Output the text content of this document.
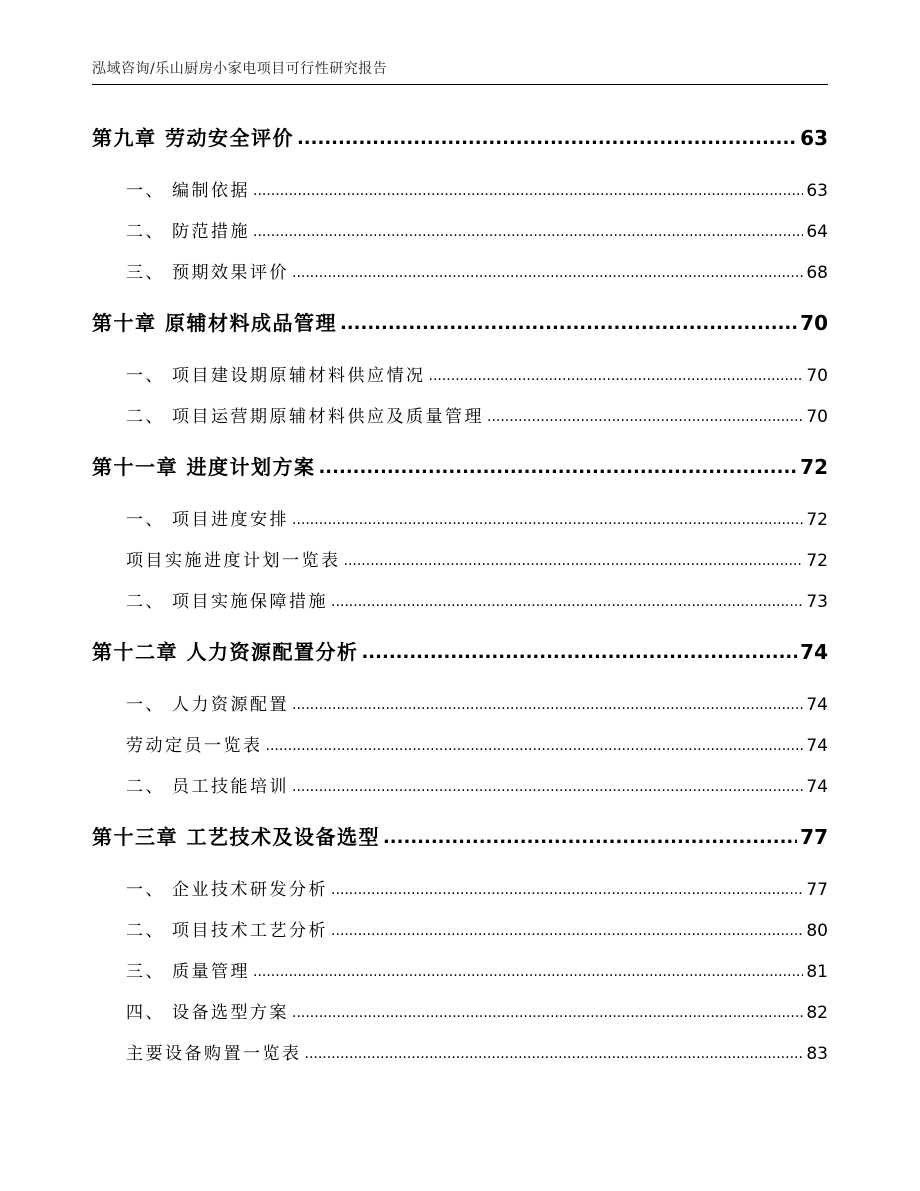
泓域咨询/乐山厨房小家电项目可行性研究报告
第九章 劳动安全评价 .....	63
一、 编制依据 .....	63
二、 防范措施 .....	64
三、 预期效果评价 .....	68
第十章 原辅材料成品管理 .....	70
一、 项目建设期原辅材料供应情况 .....	70
二、 项目运营期原辅材料供应及质量管理 .....	70
第十一章 进度计划方案 .....	72
一、 项目进度安排 .....	72
项目实施进度计划一览表 .....	72
二、 项目实施保障措施 .....	73
第十二章 人力资源配置分析 .....	74
一、 人力资源配置 .....	74
劳动定员一览表 .....	74
二、 员工技能培训 .....	74
第十三章 工艺技术及设备选型 .....	77
一、 企业技术研发分析 .....	77
二、 项目技术工艺分析 .....	80
三、 质量管理 .....	81
四、 设备选型方案 .....	82
主要设备购置一览表 .....	83
